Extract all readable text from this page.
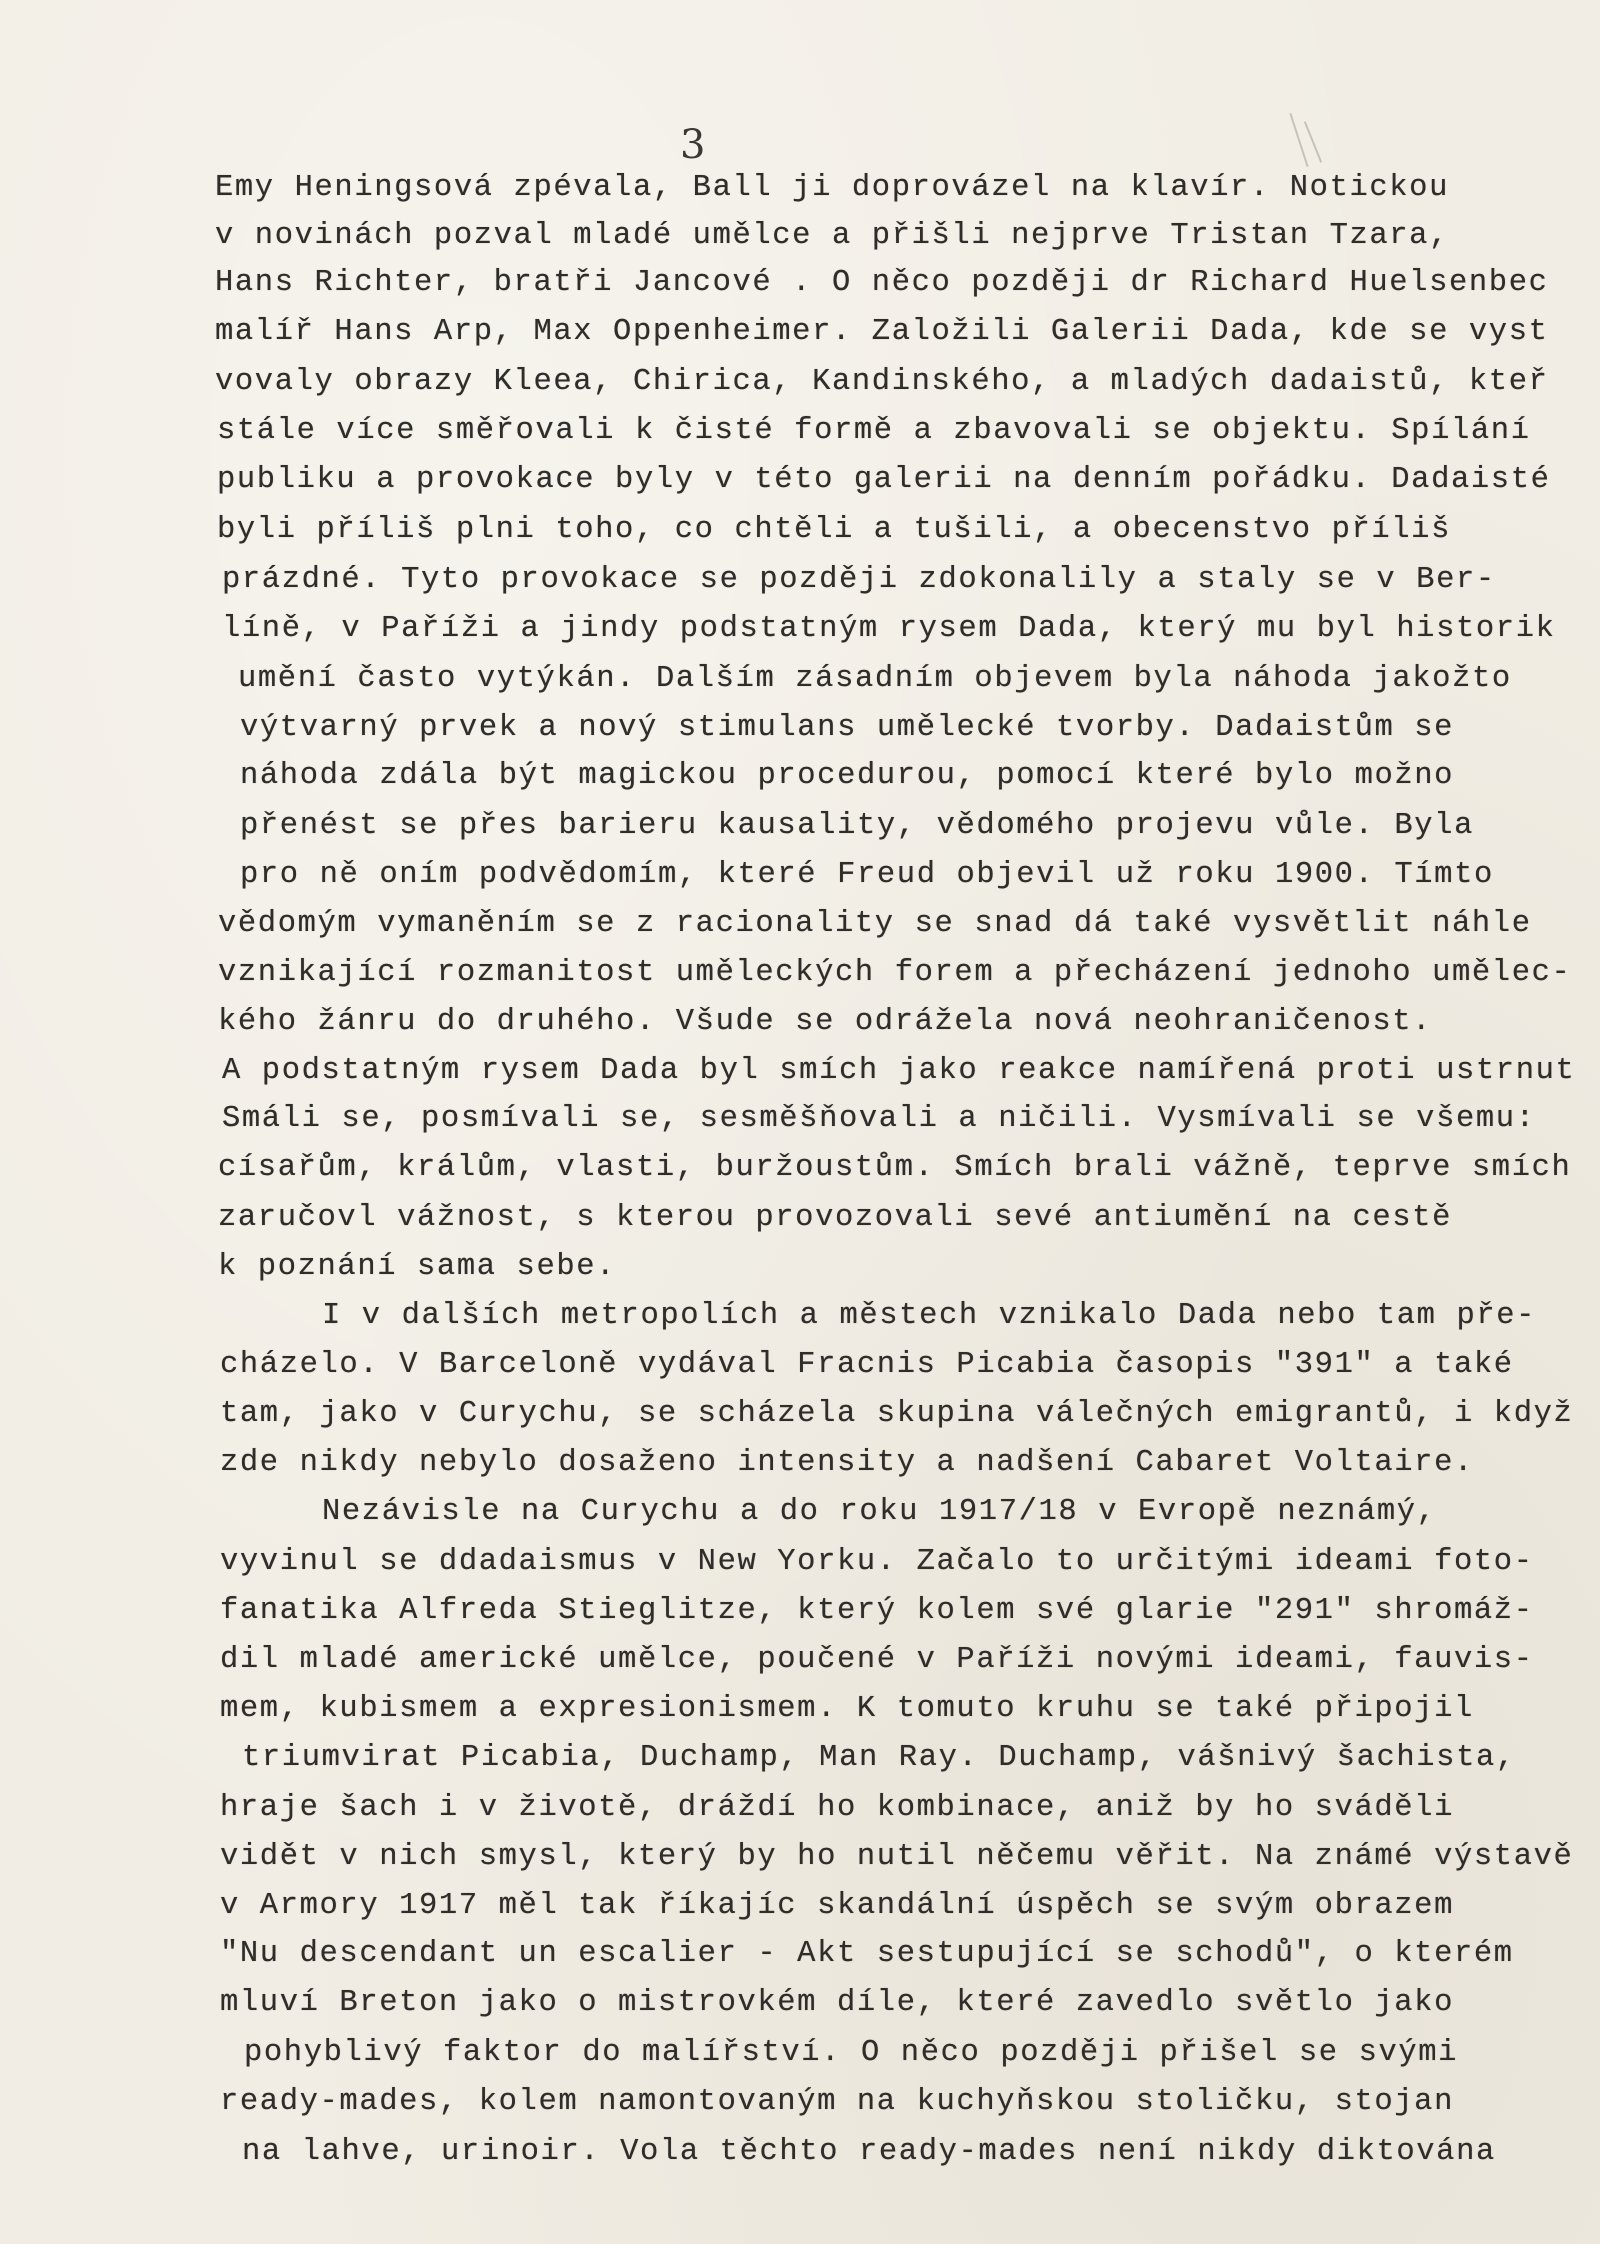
3
Emy Heningsová zpévala, Ball ji doprovázel na klavír. Notickou
v novinách pozval mladé umělce a přišli nejprve Tristan Tzara,
Hans Richter, bratři Jancové . O něco později dr Richard Huelsenbec
malíř Hans Arp, Max Oppenheimer. Založili Galerii Dada, kde se vyst
vovaly obrazy Kleea, Chirica, Kandinského, a mladých dadaistů, kteř
stále více směřovali k čisté formě a zbavovali se objektu. Spílání
publiku a provokace byly v této galerii na denním pořádku. Dadaisté
byli příliš plni toho, co chtěli a tušili, a obecenstvo příliš
prázdné. Tyto provokace se později zdokonalily a staly se v Ber-
líně, v Paříži a jindy podstatným rysem Dada, který mu byl historik
umění často vytýkán. Dalším zásadním objevem byla náhoda jakožto
výtvarný prvek a nový stimulans umělecké tvorby. Dadaistům se
náhoda zdála být magickou procedurou, pomocí které bylo možno
přenést se přes barieru kausality, vědomého projevu vůle. Byla
pro ně oním podvědomím, které Freud objevil už roku 1900. Tímto
vědomým vymaněním se z racionality se snad dá také vysvětlit náhle
vznikající rozmanitost uměleckých forem a přecházení jednoho umělec-
kého žánru do druhého. Všude se odrážela nová neohraničenost.
A podstatným rysem Dada byl smích jako reakce namířená proti ustrnut
Smáli se, posmívali se, sesměšňovali a ničili. Vysmívali se všemu:
císařům, králům, vlasti, buržoustům. Smích brali vážně, teprve smích
zaručovl vážnost, s kterou provozovali sevé antiumění na cestě
k poznání sama sebe.
I v dalších metropolích a městech vznikalo Dada nebo tam pře-
cházelo. V Barceloně vydával Fracnis Picabia časopis "391" a také
tam, jako v Curychu, se scházela skupina válečných emigrantů, i když
zde nikdy nebylo dosaženo intensity a nadšení Cabaret Voltaire.
Nezávisle na Curychu a do roku 1917/18 v Evropě neznámý,
vyvinul se ddadaismus v New Yorku. Začalo to určitými ideami foto-
fanatika Alfreda Stieglitze, který kolem své glarie "291" shromáž-
dil mladé americké umělce, poučené v Paříži novými ideami, fauvis-
mem, kubismem a expresionismem. K tomuto kruhu se také připojil
triumvirat Picabia, Duchamp, Man Ray. Duchamp, vášnivý šachista,
hraje šach i v životě, dráždí ho kombinace, aniž by ho sváděli
vidět v nich smysl, který by ho nutil něčemu věřit. Na známé výstavě
v Armory 1917 měl tak říkajíc skandální úspěch se svým obrazem
"Nu descendant un escalier - Akt sestupující se schodů", o kterém
mluví Breton jako o mistrovkém díle, které zavedlo světlo jako
pohyblivý faktor do malířství. O něco později přišel se svými
ready-mades, kolem namontovaným na kuchyňskou stoličku, stojan
na lahve, urinoir. Vola těchto ready-mades není nikdy diktována
